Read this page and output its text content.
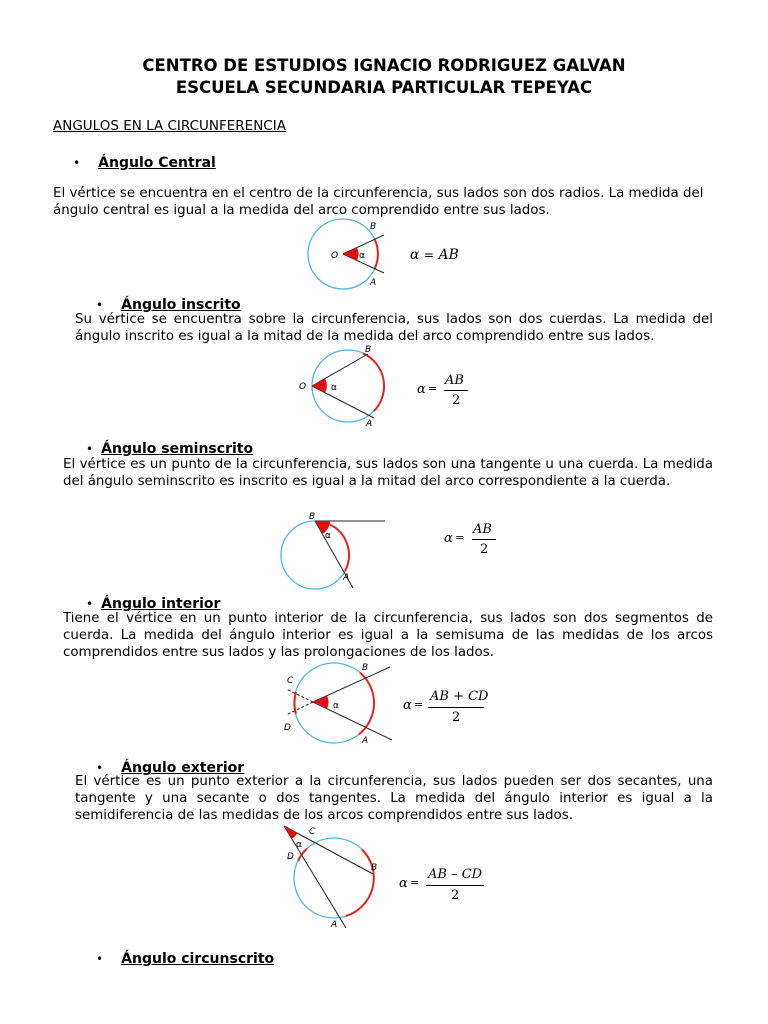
CENTRO DE ESTUDIOS IGNACIO RODRIGUEZ GALVAN
ESCUELA SECUNDARIA PARTICULAR TEPEYAC
ANGULOS EN LA CIRCUNFERENCIA
• Ángulo Central
El vértice se encuentra en el centro de la circunferencia, sus lados son dos radios. La medida del ángulo central es igual a la medida del arco comprendido entre sus lados.
O
B
A
α	α = AB
• Ángulo inscrito
Su vértice se encuentra sobre la circunferencia, sus lados son dos cuerdas. La medida del ángulo inscrito es igual a la mitad de la medida del arco comprendido entre sus lados.
O
B
A
α	α =
AB
2
• Ángulo seminscrito
El vértice es un punto de la circunferencia, sus lados son una tangente u una cuerda. La medida del ángulo seminscrito es inscrito es igual a la mitad del arco correspondiente a la cuerda.
B
A
α	α =
AB
2
• Ángulo interior
Tiene el vértice en un punto interior de la circunferencia, sus lados son dos segmentos de cuerda. La medida del ángulo interior es igual a la semisuma de las medidas de los arcos comprendidos entre sus lados y las prolongaciones de los lados.
C
D
B
A
α	α =
AB + CD
2
• Ángulo exterior
El vértice es un punto exterior a la circunferencia, sus lados pueden ser dos secantes, una tangente y una secante o dos tangentes. La medida del ángulo interior es igual a la semidiferencia de las medidas de los arcos comprendidos entre sus lados.
C
D
B
A
α
α =
AB – CD
2
• Ángulo circunscrito
